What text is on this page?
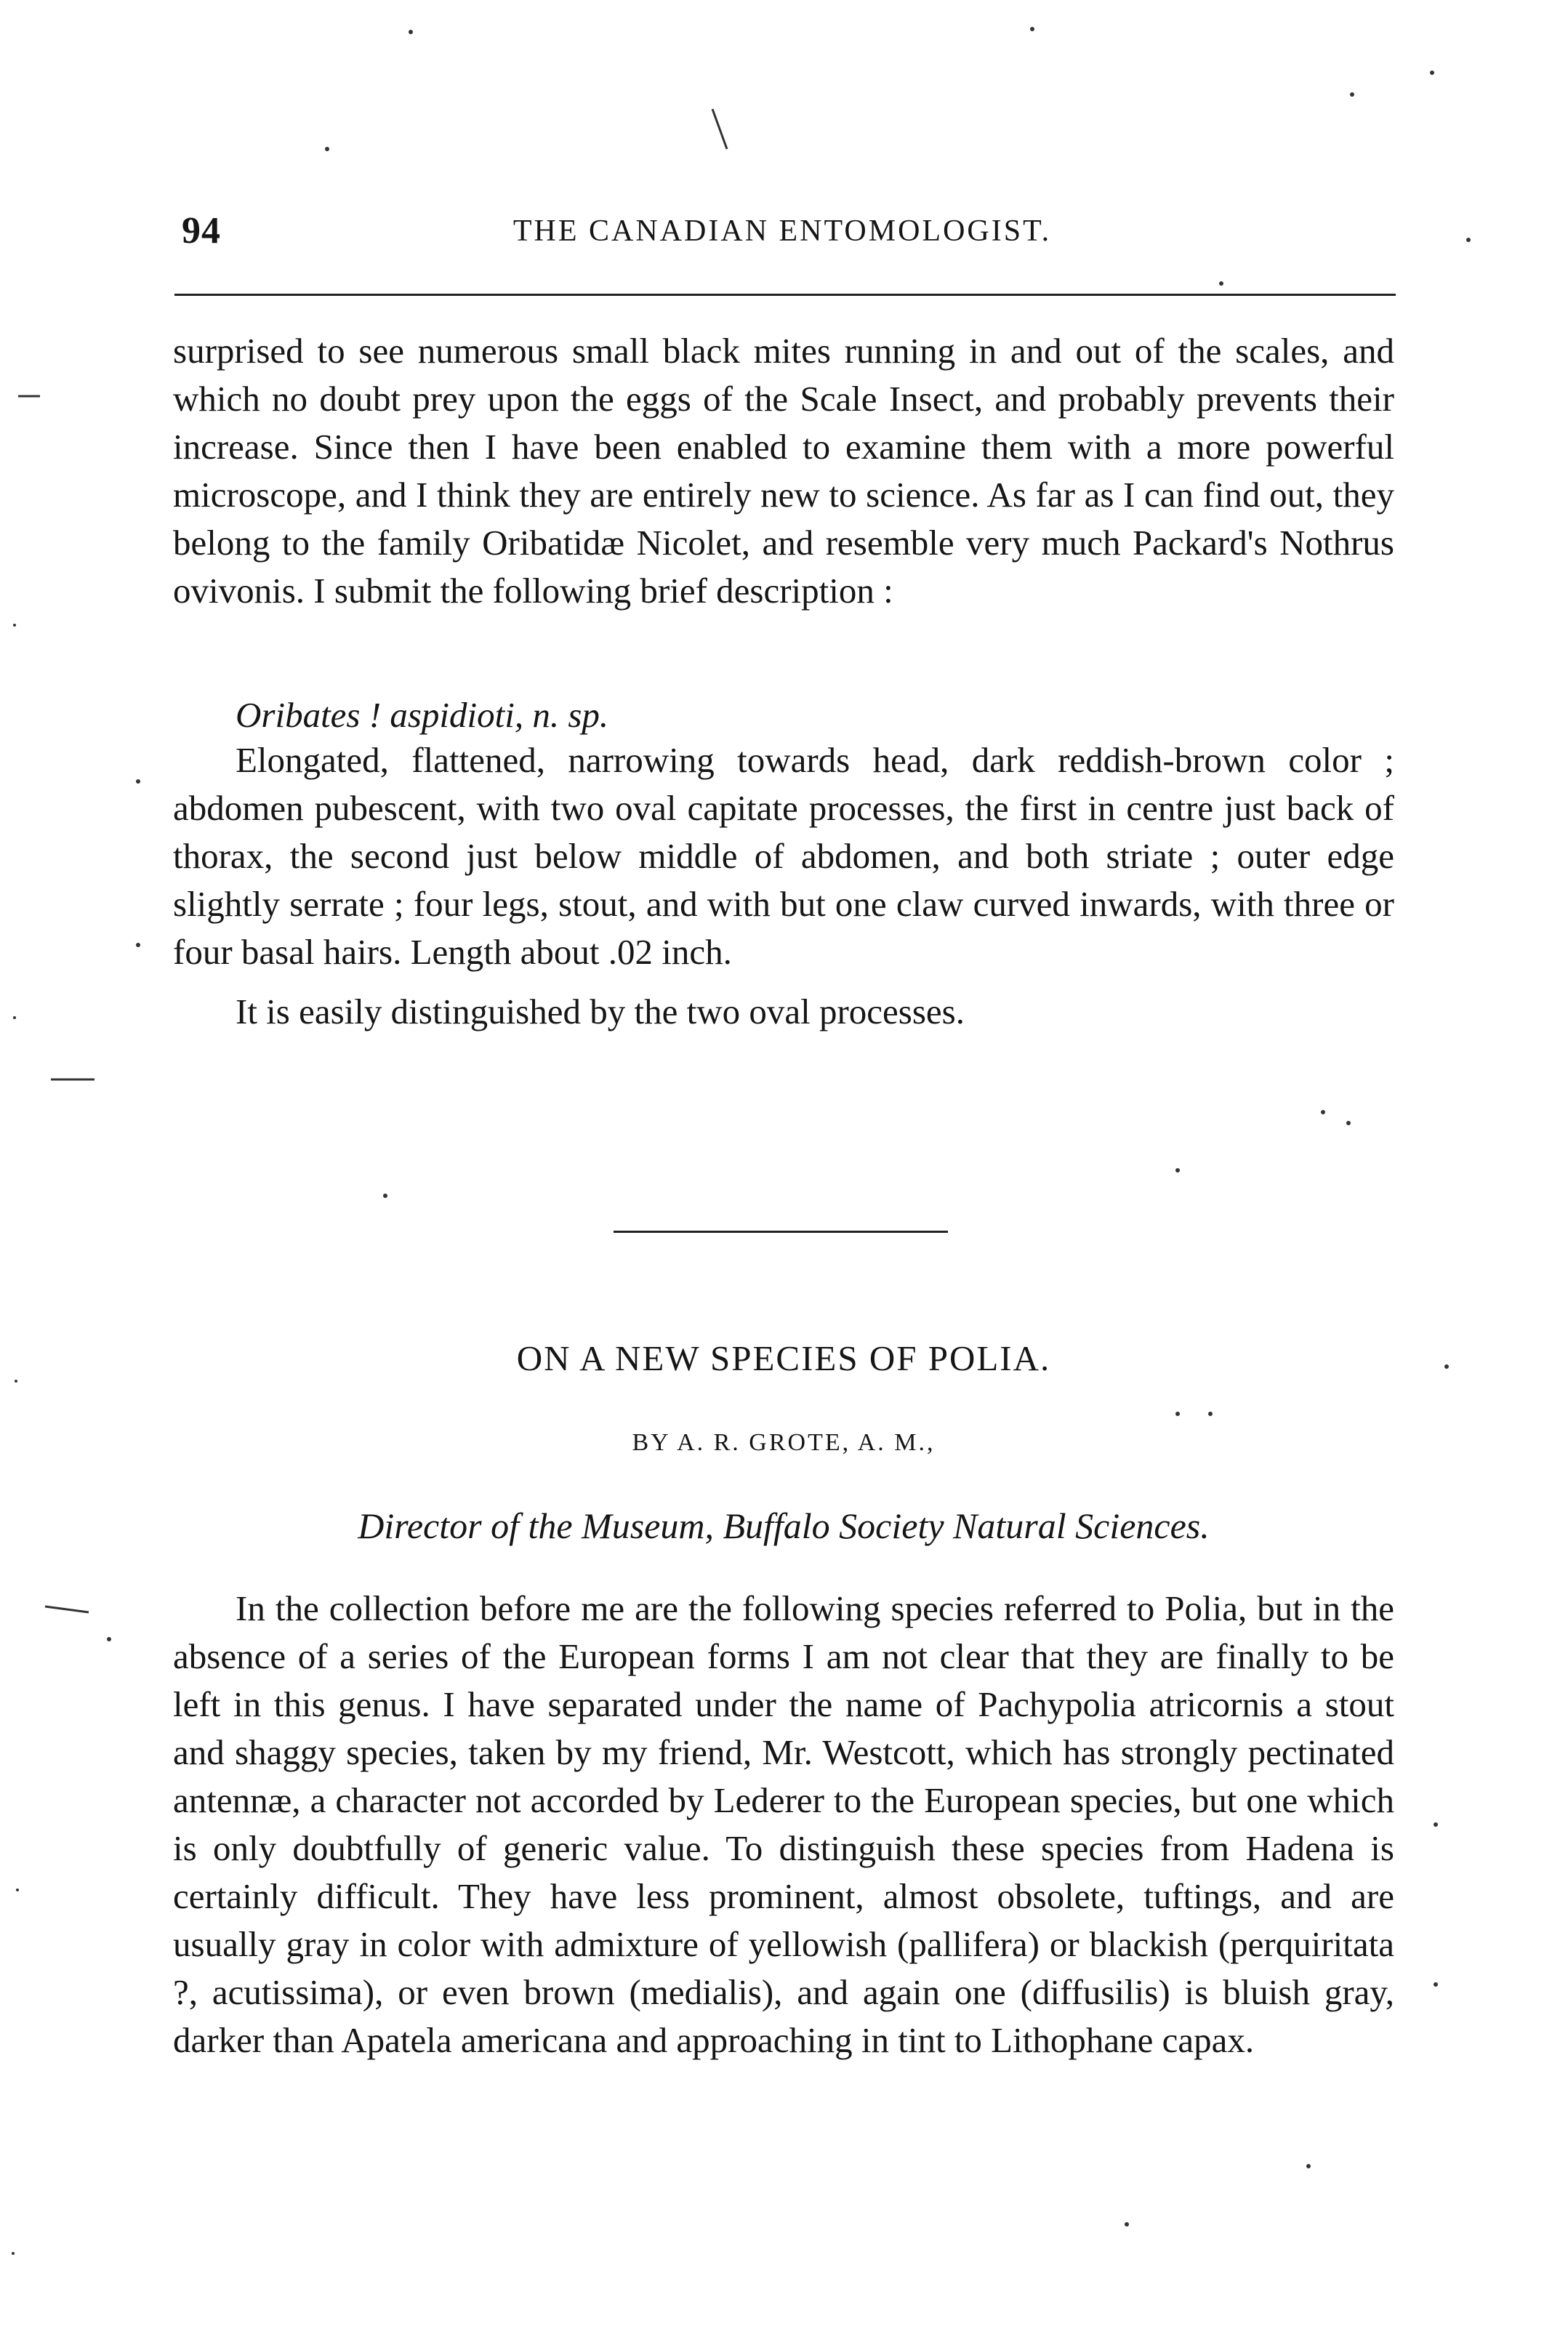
94	THE CANADIAN ENTOMOLOGIST.

surprised to see numerous small black mites running in and out of the scales, and which no doubt prey upon the eggs of the Scale Insect, and probably prevents their increase. Since then I have been enabled to examine them with a more powerful microscope, and I think they are entirely new to science. As far as I can find out, they belong to the family Oribatidæ Nicolet, and resemble very much Packard's Nothrus ovivonis. I submit the following brief description :

Oribates ! aspidioti, n. sp.

Elongated, flattened, narrowing towards head, dark reddish-brown color ; abdomen pubescent, with two oval capitate processes, the first in centre just back of thorax, the second just below middle of abdomen, and both striate ; outer edge slightly serrate ; four legs, stout, and with but one claw curved inwards, with three or four basal hairs. Length about .02 inch.

It is easily distinguished by the two oval processes.

ON A NEW SPECIES OF POLIA.
BY A. R. GROTE, A. M.,
Director of the Museum, Buffalo Society Natural Sciences.

In the collection before me are the following species referred to Polia, but in the absence of a series of the European forms I am not clear that they are finally to be left in this genus. I have separated under the name of Pachypolia atricornis a stout and shaggy species, taken by my friend, Mr. Westcott, which has strongly pectinated antennæ, a character not accorded by Lederer to the European species, but one which is only doubtfully of generic value. To distinguish these species from Hadena is certainly difficult. They have less prominent, almost obsolete, tuftings, and are usually gray in color with admixture of yellowish (pallifera) or blackish (perquiritata ?, acutissima), or even brown (medialis), and again one (diffusilis) is bluish gray, darker than Apatela americana and approaching in tint to Lithophane capax.
